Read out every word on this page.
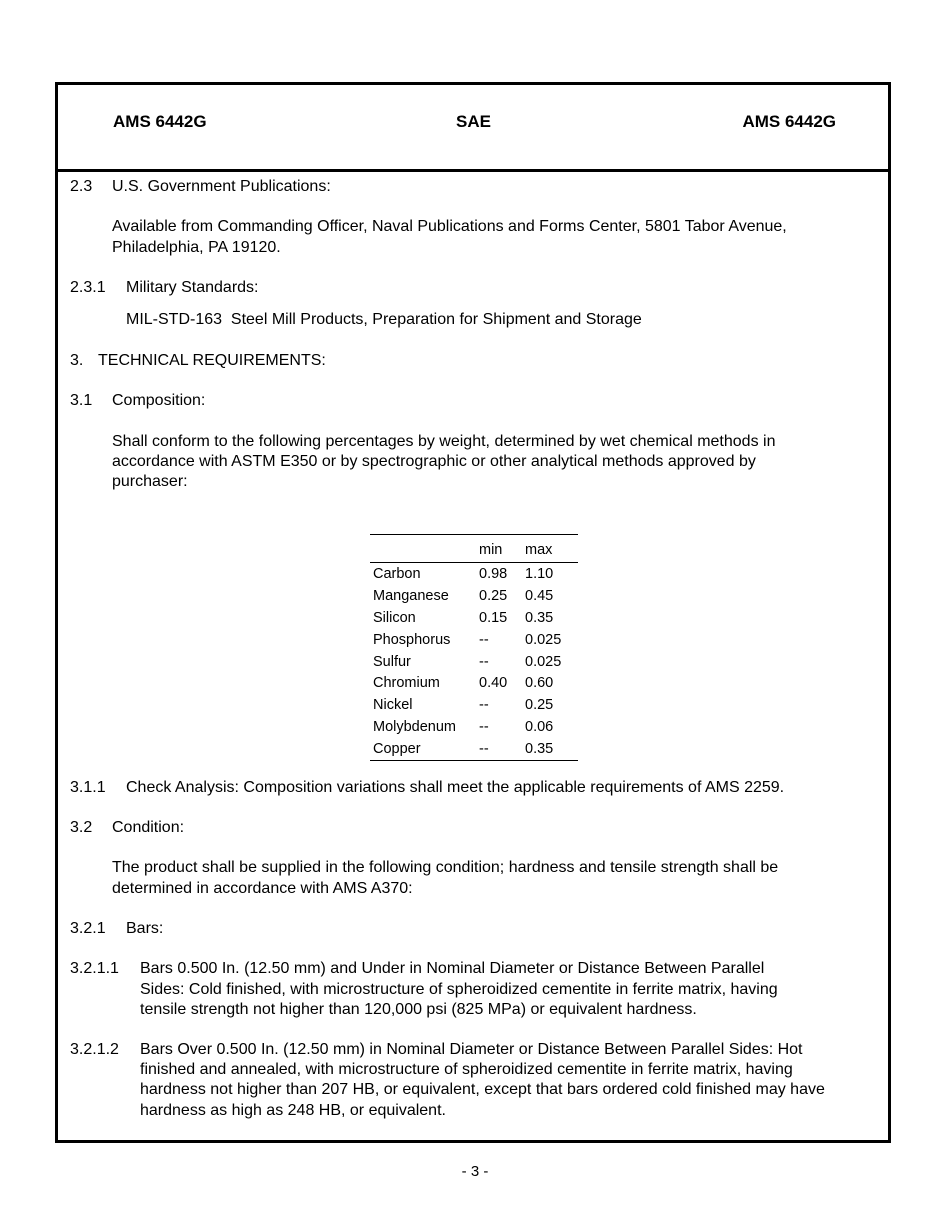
AMS 6442G	SAE	AMS 6442G
2.3 U.S. Government Publications:
Available from Commanding Officer, Naval Publications and Forms Center, 5801 Tabor Avenue,
Philadelphia, PA 19120.
2.3.1 Military Standards:
MIL-STD-163  Steel Mill Products, Preparation for Shipment and Storage
3. TECHNICAL REQUIREMENTS:
3.1 Composition:
Shall conform to the following percentages by weight, determined by wet chemical methods in
accordance with ASTM E350 or by spectrographic or other analytical methods approved by
purchaser:
	min	max
Carbon	0.98	1.10
Manganese	0.25	0.45
Silicon	0.15	0.35
Phosphorus	--	0.025
Sulfur	--	0.025
Chromium	0.40	0.60
Nickel	--	0.25
Molybdenum	--	0.06
Copper	--	0.35
3.1.1 Check Analysis: Composition variations shall meet the applicable requirements of AMS 2259.
3.2 Condition:
The product shall be supplied in the following condition; hardness and tensile strength shall be
determined in accordance with AMS A370:
3.2.1 Bars:
3.2.1.1 Bars 0.500 In. (12.50 mm) and Under in Nominal Diameter or Distance Between Parallel
Sides: Cold finished, with microstructure of spheroidized cementite in ferrite matrix, having
tensile strength not higher than 120,000 psi (825 MPa) or equivalent hardness.
3.2.1.2 Bars Over 0.500 In. (12.50 mm) in Nominal Diameter or Distance Between Parallel Sides: Hot
finished and annealed, with microstructure of spheroidized cementite in ferrite matrix, having
hardness not higher than 207 HB, or equivalent, except that bars ordered cold finished may have
hardness as high as 248 HB, or equivalent.
- 3 -
